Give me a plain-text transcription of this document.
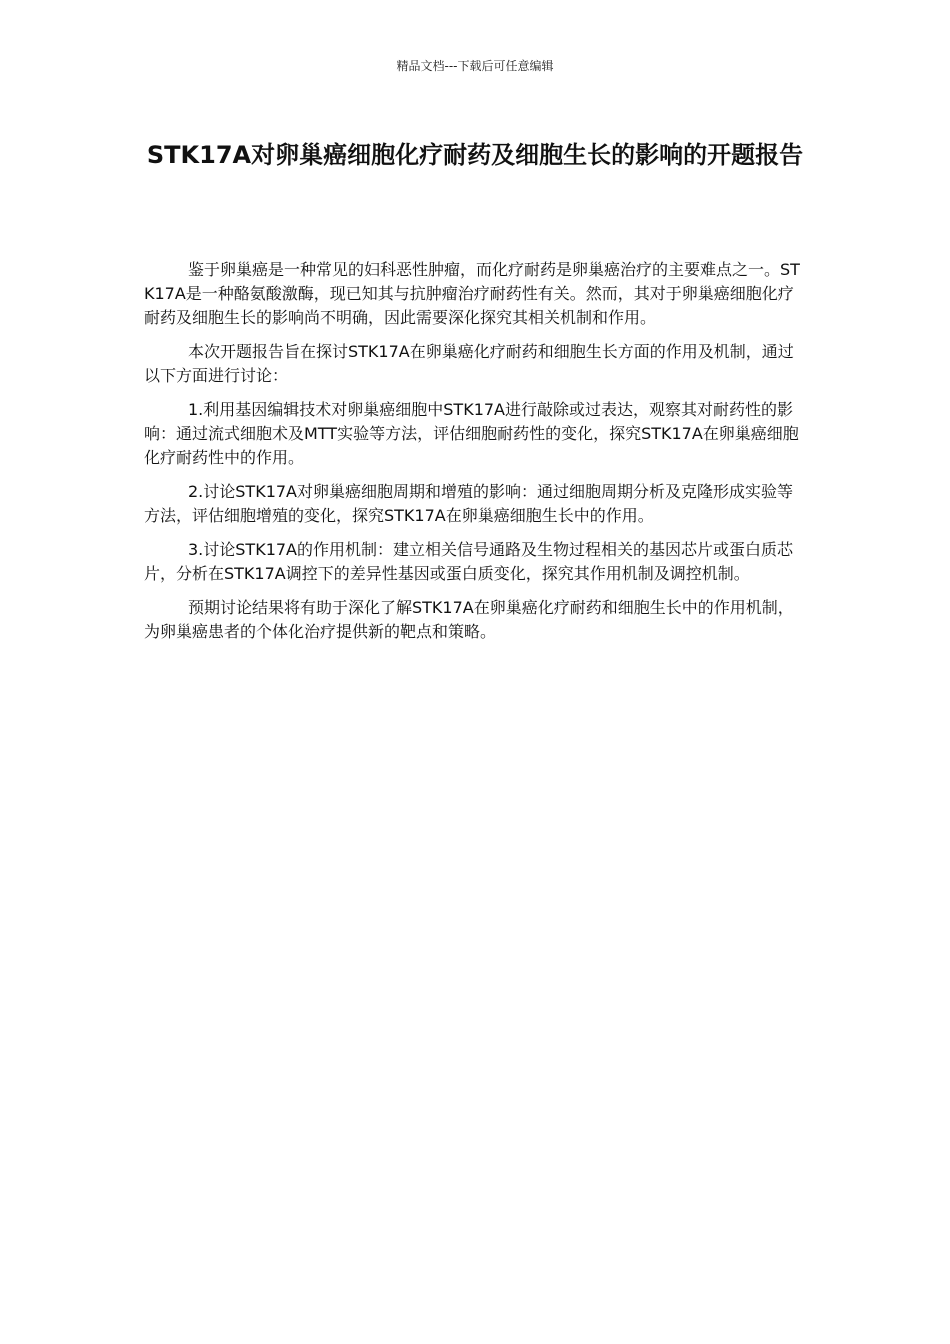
精品文档---下载后可任意编辑
STK17A对卵巢癌细胞化疗耐药及细胞生长的影响的开题报告

鉴于卵巢癌是一种常见的妇科恶性肿瘤，而化疗耐药是卵巢癌治疗的主要难点之一。STK17A是一种酪氨酸激酶，现已知其与抗肿瘤治疗耐药性有关。然而，其对于卵巢癌细胞化疗耐药及细胞生长的影响尚不明确，因此需要深化探究其相关机制和作用。

本次开题报告旨在探讨STK17A在卵巢癌化疗耐药和细胞生长方面的作用及机制，通过以下方面进行讨论：

1.利用基因编辑技术对卵巢癌细胞中STK17A进行敲除或过表达，观察其对耐药性的影响：通过流式细胞术及MTT实验等方法，评估细胞耐药性的变化，探究STK17A在卵巢癌细胞化疗耐药性中的作用。

2.讨论STK17A对卵巢癌细胞周期和增殖的影响：通过细胞周期分析及克隆形成实验等方法，评估细胞增殖的变化，探究STK17A在卵巢癌细胞生长中的作用。

3.讨论STK17A的作用机制：建立相关信号通路及生物过程相关的基因芯片或蛋白质芯片，分析在STK17A调控下的差异性基因或蛋白质变化，探究其作用机制及调控机制。

预期讨论结果将有助于深化了解STK17A在卵巢癌化疗耐药和细胞生长中的作用机制，为卵巢癌患者的个体化治疗提供新的靶点和策略。
